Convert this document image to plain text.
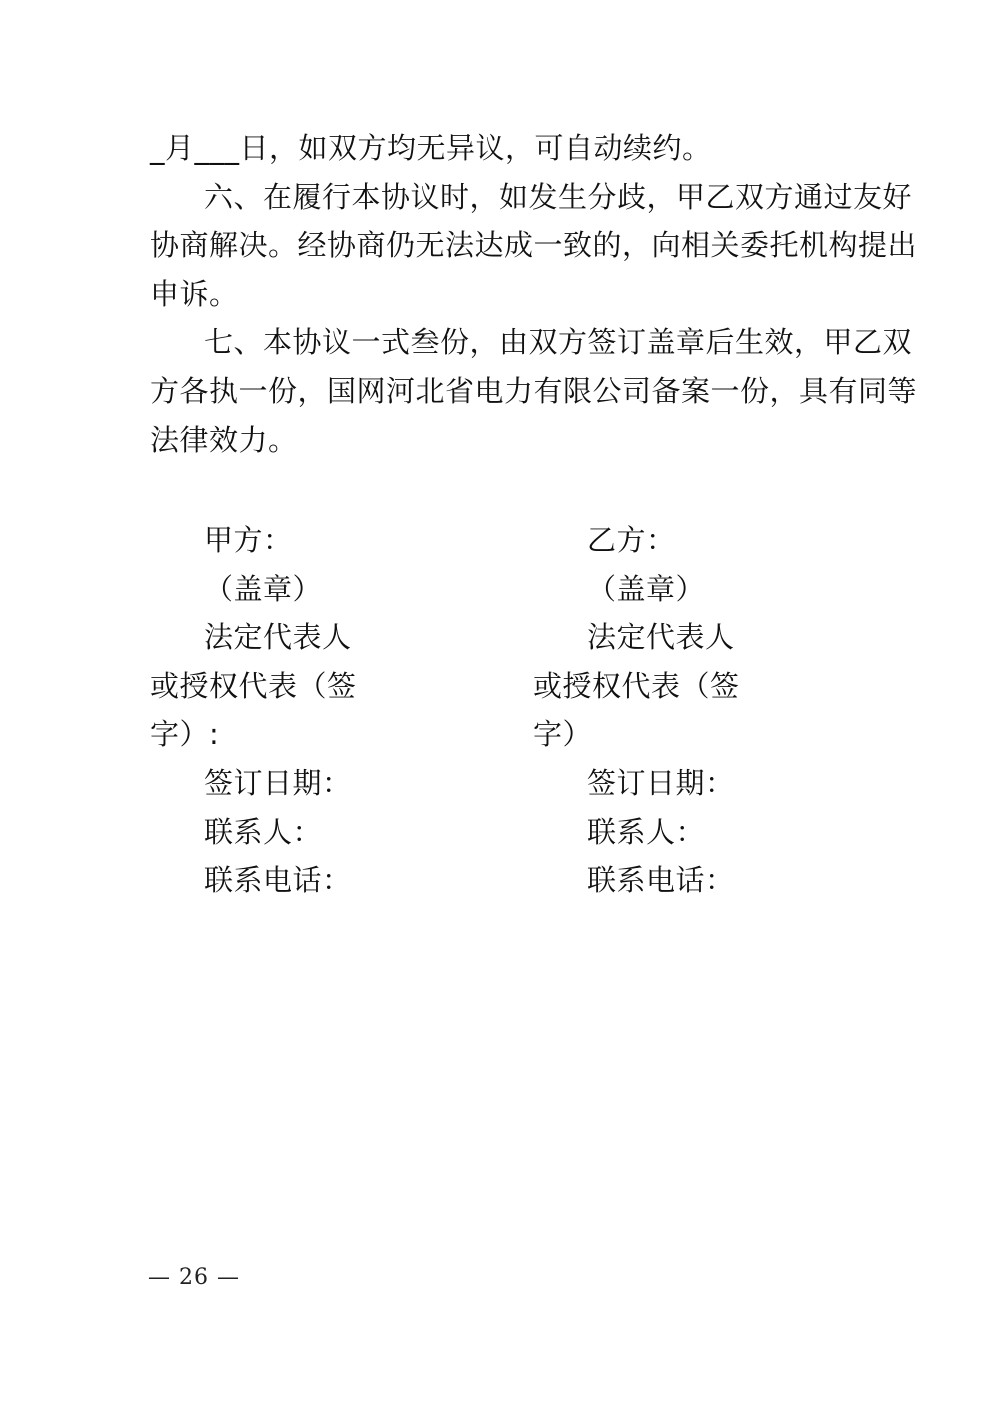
_月___日，如双方均无异议，可自动续约。

六、在履行本协议时，如发生分歧，甲乙双方通过友好

协商解决。经协商仍无法达成一致的，向相关委托机构提出

申诉。

七、本协议一式叁份，由双方签订盖章后生效，甲乙双

方各执一份，国网河北省电力有限公司备案一份，具有同等

法律效力。

甲方：

（盖章）

法定代表人

或授权代表（签

字）:

签订日期：

联系人：

联系电话：

乙方：

（盖章）

法定代表人

或授权代表（签

字）

签订日期：

联系人：

联系电话：

— 26 —
